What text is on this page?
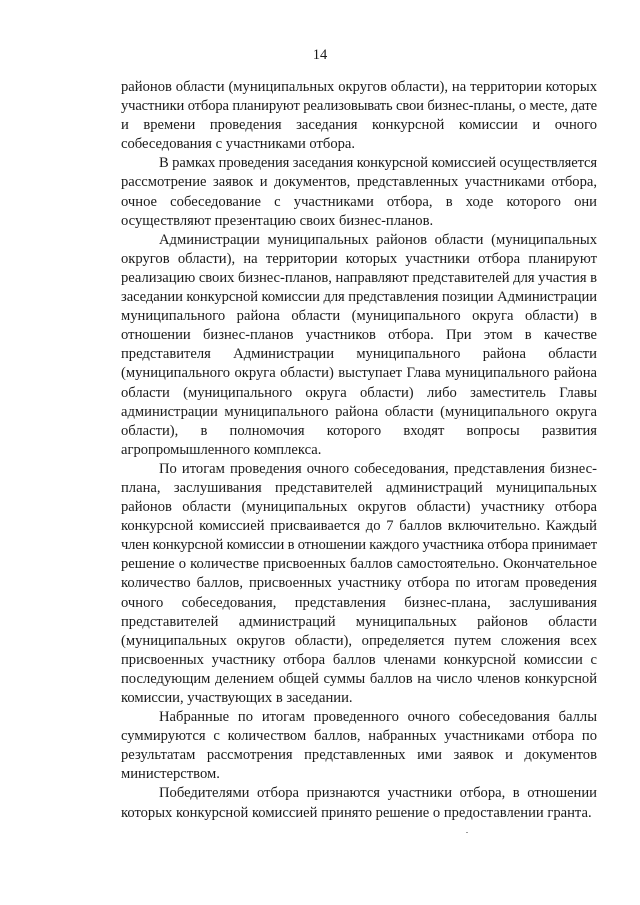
14

районов области (муниципальных округов области), на территории которых
участники отбора планируют реализовывать свои бизнес-планы, о месте, дате
и времени проведения заседания конкурсной комиссии и очного
собеседования с участниками отбора.

В рамках проведения заседания конкурсной комиссией осуществляется
рассмотрение заявок и документов, представленных участниками отбора,
очное собеседование с участниками отбора, в ходе которого они
осуществляют презентацию своих бизнес-планов.

Администрации муниципальных районов области (муниципальных
округов области), на территории которых участники отбора планируют
реализацию своих бизнес-планов, направляют представителей для участия в
заседании конкурсной комиссии для представления позиции Администрации
муниципального района области (муниципального округа области) в
отношении бизнес-планов участников отбора. При этом в качестве
представителя Администрации муниципального района области
(муниципального округа области) выступает Глава муниципального района
области (муниципального округа области) либо заместитель Главы
администрации муниципального района области (муниципального округа
области), в полномочия которого входят вопросы развития
агропромышленного комплекса.

По итогам проведения очного собеседования, представления бизнес-
плана, заслушивания представителей администраций муниципальных
районов области (муниципальных округов области) участнику отбора
конкурсной комиссией присваивается до 7 баллов включительно. Каждый
член конкурсной комиссии в отношении каждого участника отбора принимает
решение о количестве присвоенных баллов самостоятельно. Окончательное
количество баллов, присвоенных участнику отбора по итогам проведения
очного собеседования, представления бизнес-плана, заслушивания
представителей администраций муниципальных районов области
(муниципальных округов области), определяется путем сложения всех
присвоенных участнику отбора баллов членами конкурсной комиссии с
последующим делением общей суммы баллов на число членов конкурсной
комиссии, участвующих в заседании.

Набранные по итогам проведенного очного собеседования баллы
суммируются с количеством баллов, набранных участниками отбора по
результатам рассмотрения представленных ими заявок и документов
министерством.

Победителями отбора признаются участники отбора, в отношении
которых конкурсной комиссией принято решение о предоставлении гранта.
